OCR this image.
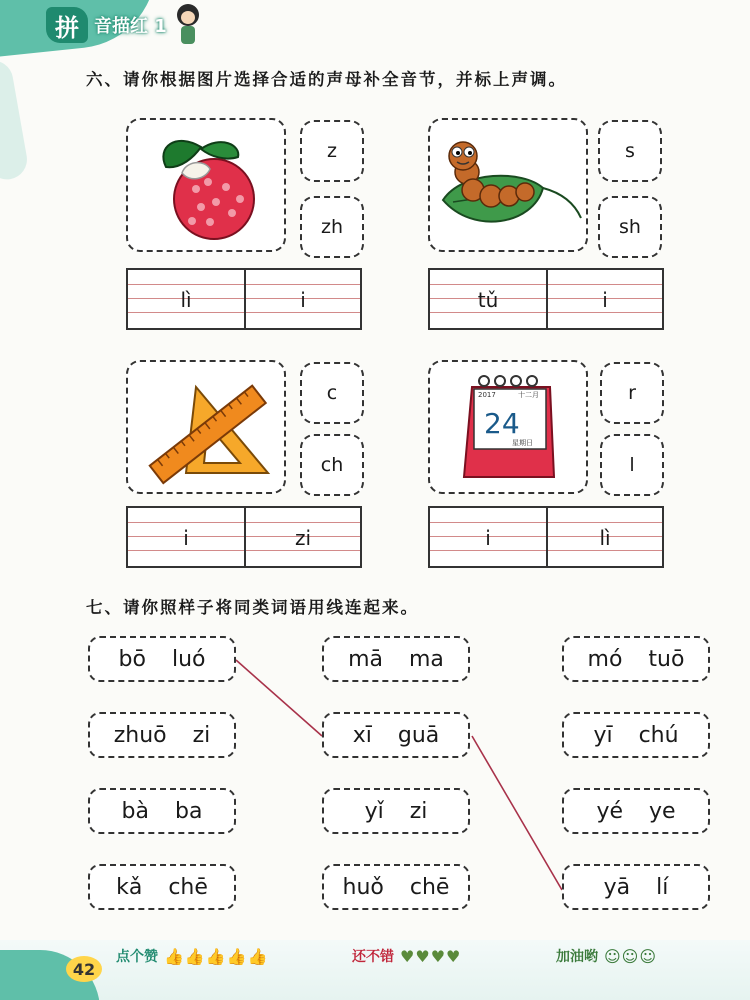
拼 音描红 1
六、请你根据图片选择合适的声母补全音节，并标上声调。
z
zh
lì	i
s
sh
tǔ	i
c
ch
i	zi
2017	十二月
24
星期日
r
l
i	lì
七、请你照样子将同类词语用线连起来。
bō luó
zhuō zi
bà ba
kǎ chē
mā ma
xī guā
yǐ zi
huǒ chē
mó tuō
yī chú
yé ye
yā lí
42
点个赞 👍👍👍👍👍	还不错 ♥♥♥♥	加油哟 ☺☺☺
